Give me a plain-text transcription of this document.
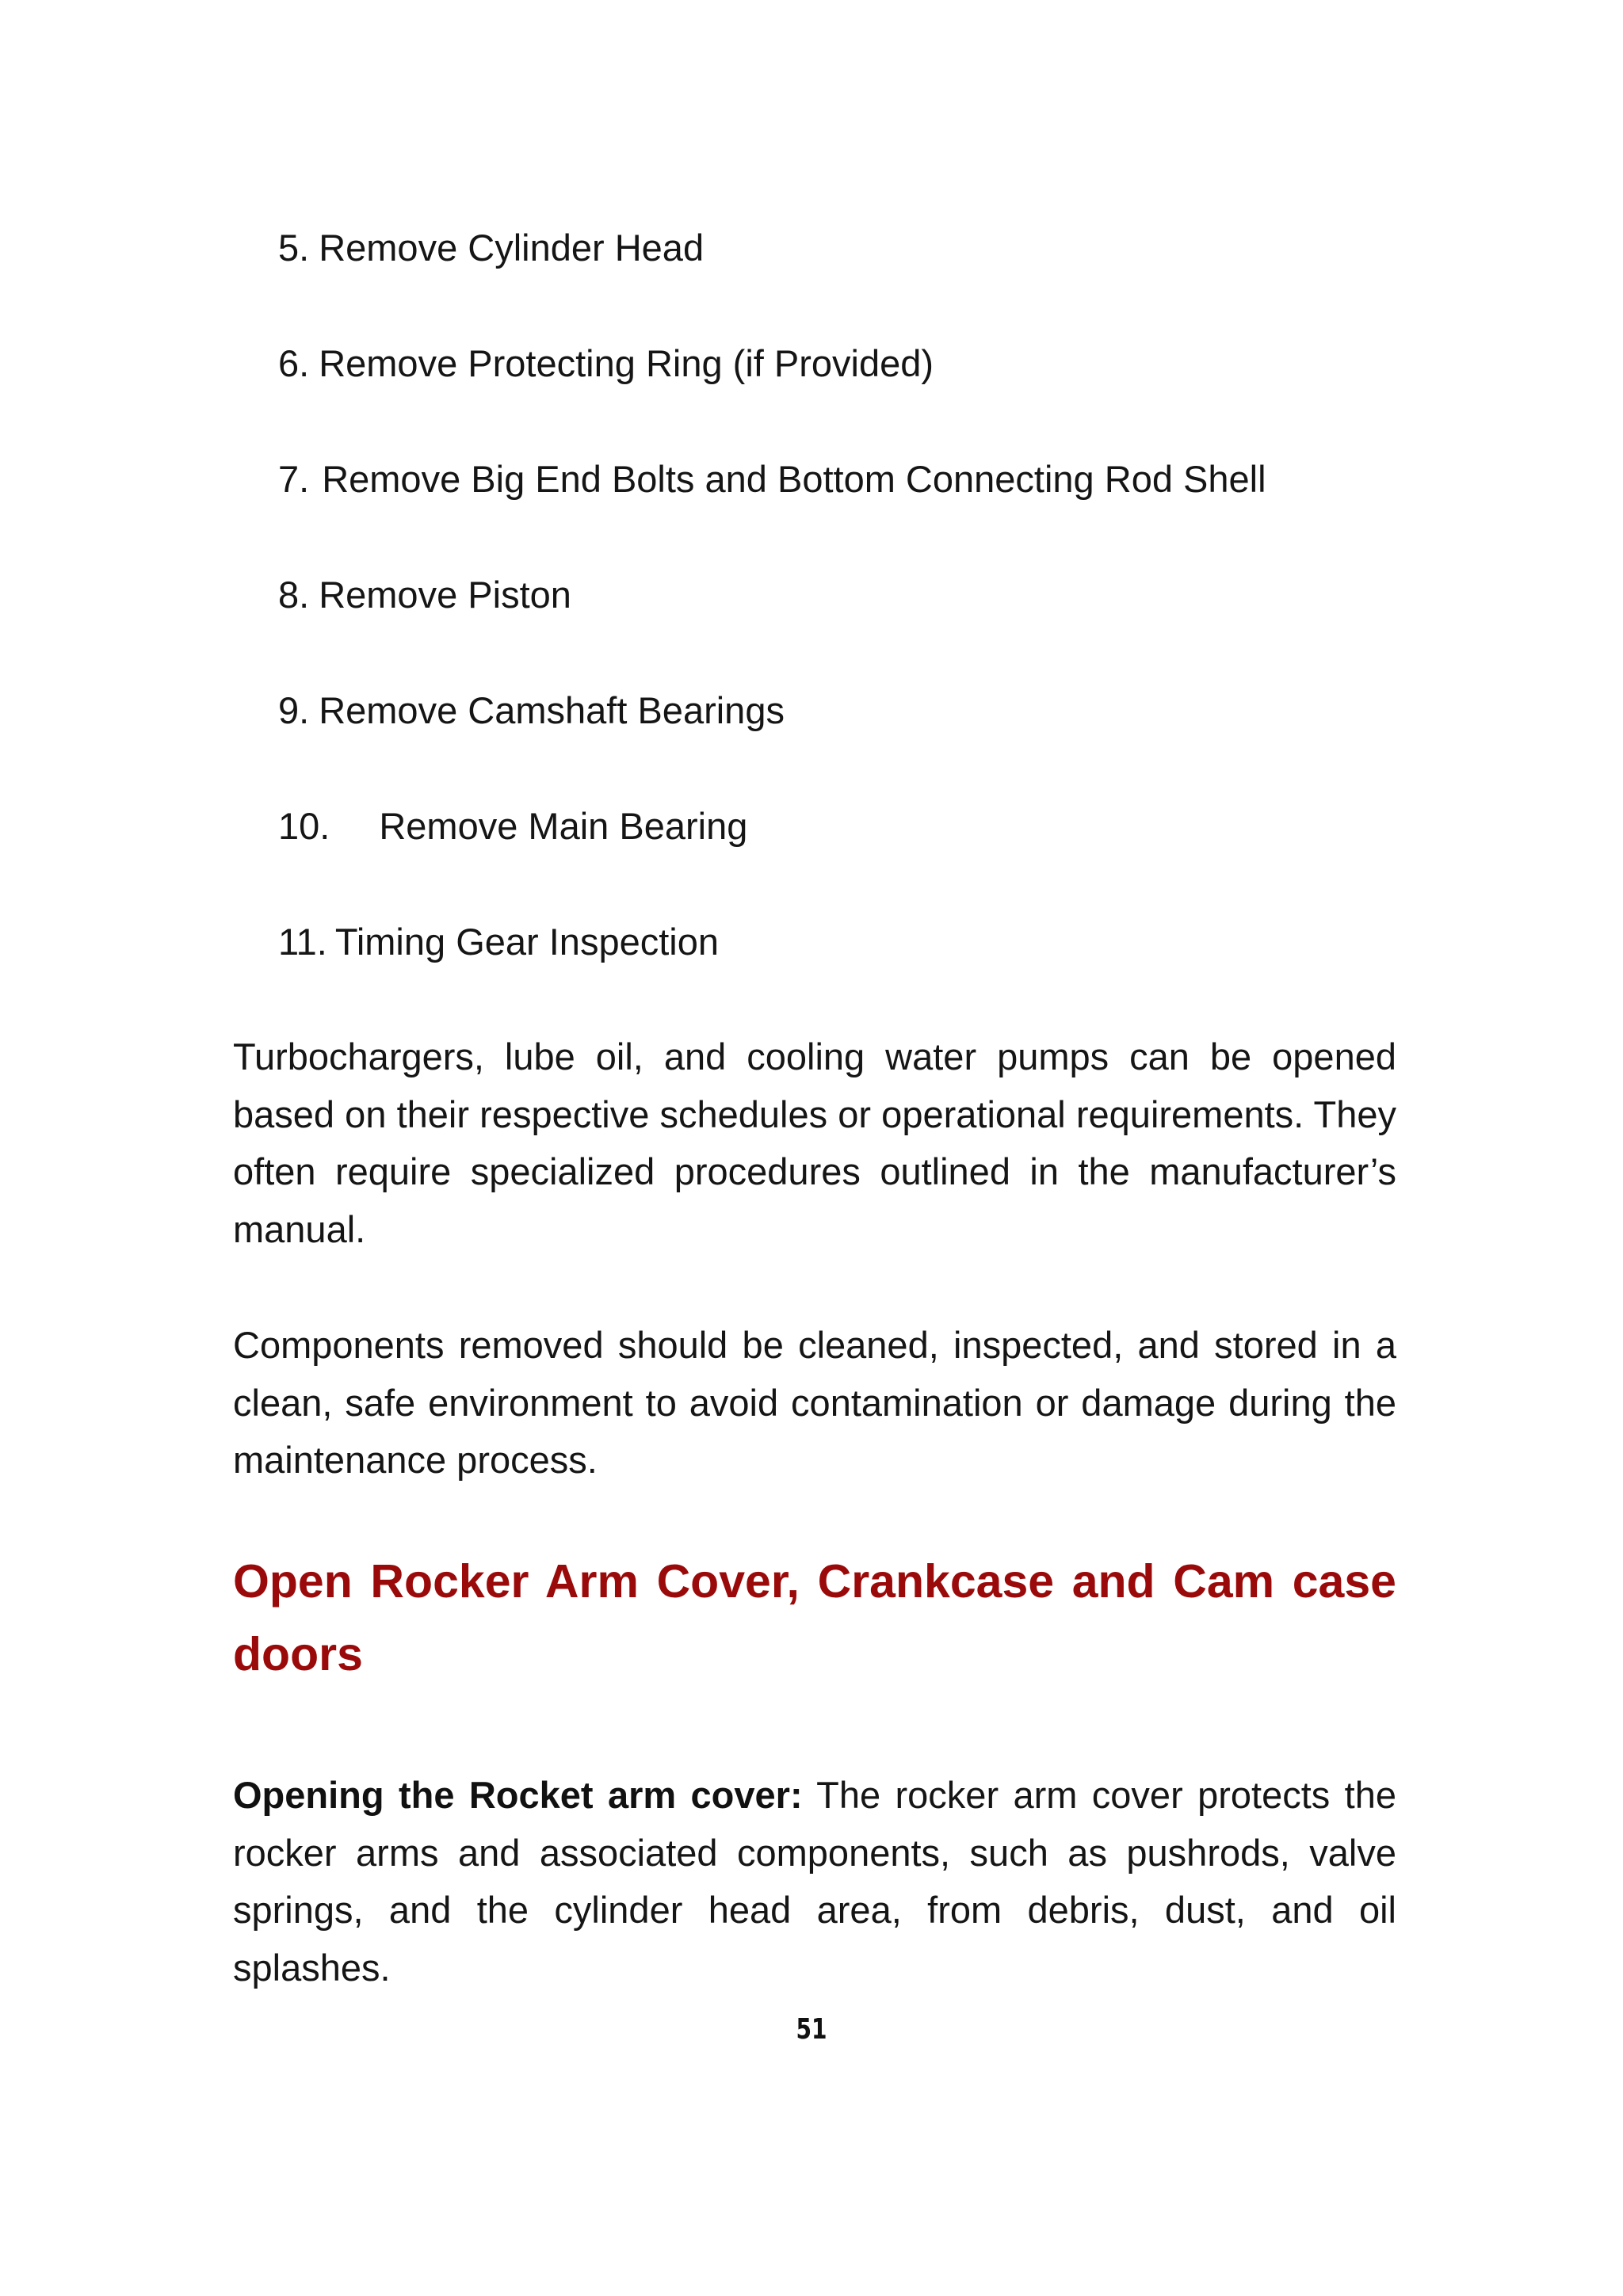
5. Remove Cylinder Head
6. Remove Protecting Ring (if Provided)
7. Remove Big End Bolts and Bottom Connecting Rod Shell
8. Remove Piston
9. Remove Camshaft Bearings
10. Remove Main Bearing
11. Timing Gear Inspection

Turbochargers, lube oil, and cooling water pumps can be opened based on their respective schedules or operational requirements. They often require specialized procedures outlined in the manufacturer’s manual.

Components removed should be cleaned, inspected, and stored in a clean, safe environment to avoid contamination or damage during the maintenance process.

Open Rocker Arm Cover, Crankcase and Cam case doors

Opening the Rocket arm cover: The rocker arm cover protects the rocker arms and associated components, such as pushrods, valve springs, and the cylinder head area, from debris, dust, and oil splashes.

51
